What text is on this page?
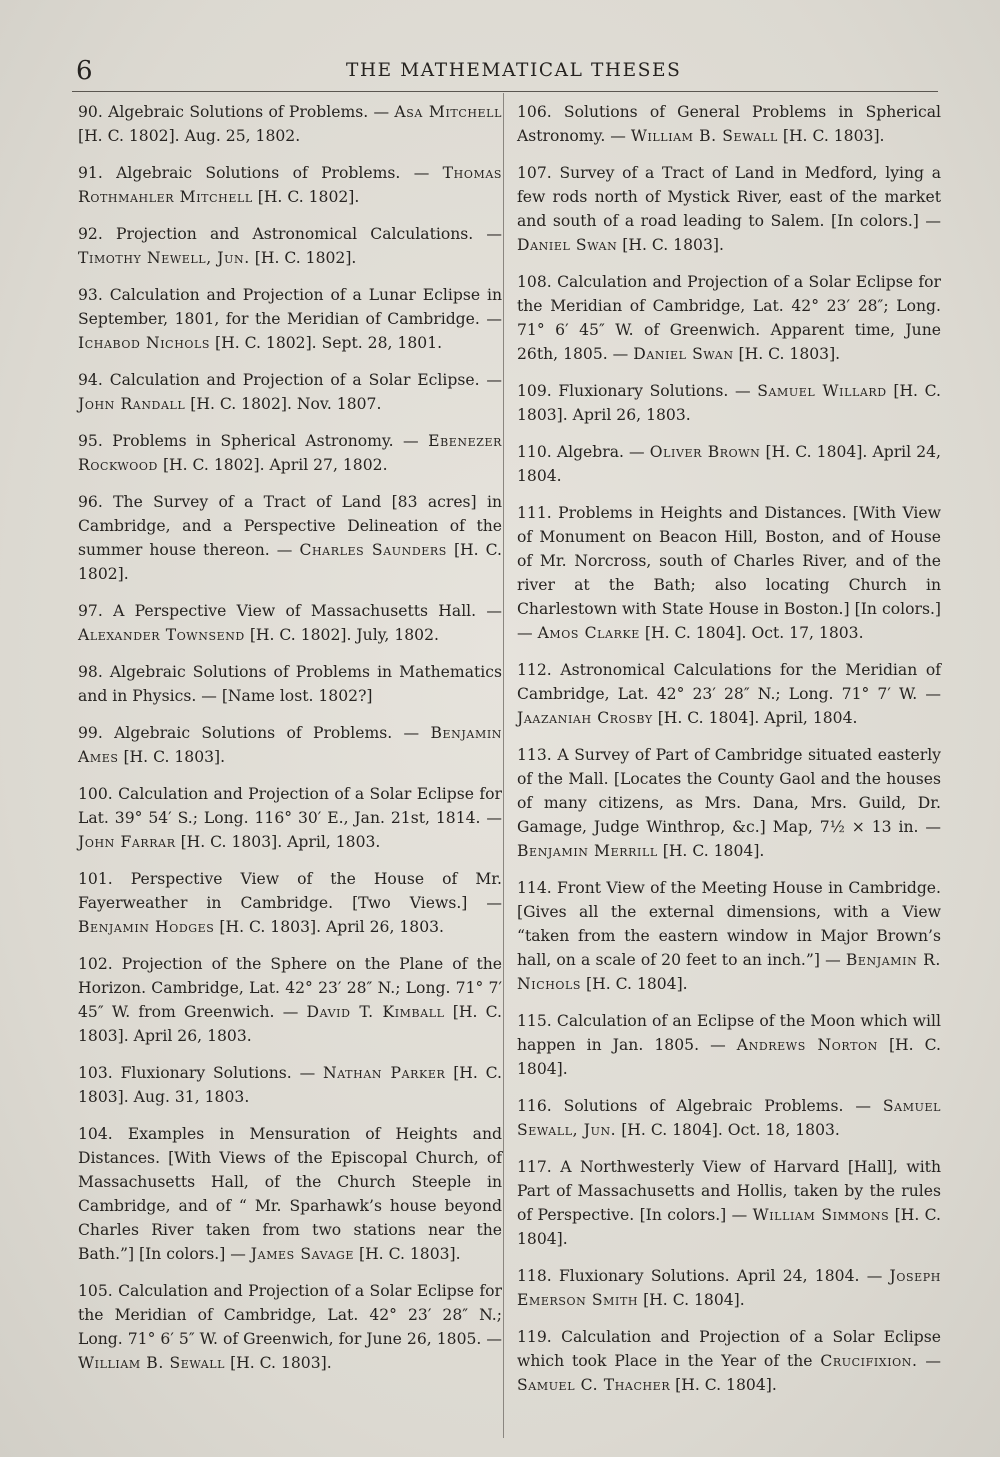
6	THE MATHEMATICAL THESES

90. Algebraic Solutions of Problems. — Asa Mitchell [H. C. 1802]. Aug. 25, 1802.

91. Algebraic Solutions of Problems. — Thomas Rothmahler Mitchell [H. C. 1802].

92. Projection and Astronomical Calculations. — Timothy Newell, Jun. [H. C. 1802].

93. Calculation and Projection of a Lunar Eclipse in September, 1801, for the Meridian of Cambridge. — Ichabod Nichols [H. C. 1802]. Sept. 28, 1801.

94. Calculation and Projection of a Solar Eclipse. — John Randall [H. C. 1802]. Nov. 1807.

95. Problems in Spherical Astronomy. — Ebenezer Rockwood [H. C. 1802]. April 27, 1802.

96. The Survey of a Tract of Land [83 acres] in Cambridge, and a Perspective Delineation of the summer house thereon. — Charles Saunders [H. C. 1802].

97. A Perspective View of Massachusetts Hall. — Alexander Townsend [H. C. 1802]. July, 1802.

98. Algebraic Solutions of Problems in Mathematics and in Physics. — [Name lost. 1802?]

99. Algebraic Solutions of Problems. — Benjamin Ames [H. C. 1803].

100. Calculation and Projection of a Solar Eclipse for Lat. 39° 54′ S.; Long. 116° 30′ E., Jan. 21st, 1814. — John Farrar [H. C. 1803]. April, 1803.

101. Perspective View of the House of Mr. Fayerweather in Cambridge. [Two Views.] — Benjamin Hodges [H. C. 1803]. April 26, 1803.

102. Projection of the Sphere on the Plane of the Horizon. Cambridge, Lat. 42° 23′ 28″ N.; Long. 71° 7′ 45″ W. from Greenwich. — David T. Kimball [H. C. 1803]. April 26, 1803.

103. Fluxionary Solutions. — Nathan Parker [H. C. 1803]. Aug. 31, 1803.

104. Examples in Mensuration of Heights and Distances. [With Views of the Episcopal Church, of Massachusetts Hall, of the Church Steeple in Cambridge, and of “ Mr. Sparhawk’s house beyond Charles River taken from two stations near the Bath.”] [In colors.] — James Savage [H. C. 1803].

105. Calculation and Projection of a Solar Eclipse for the Meridian of Cambridge, Lat. 42° 23′ 28″ N.; Long. 71° 6′ 5″ W. of Greenwich, for June 26, 1805. — William B. Sewall [H. C. 1803].

106. Solutions of General Problems in Spherical Astronomy. — William B. Sewall [H. C. 1803].

107. Survey of a Tract of Land in Medford, lying a few rods north of Mystick River, east of the market and south of a road leading to Salem. [In colors.] — Daniel Swan [H. C. 1803].

108. Calculation and Projection of a Solar Eclipse for the Meridian of Cambridge, Lat. 42° 23′ 28″; Long. 71° 6′ 45″ W. of Greenwich. Apparent time, June 26th, 1805. — Daniel Swan [H. C. 1803].

109. Fluxionary Solutions. — Samuel Willard [H. C. 1803]. April 26, 1803.

110. Algebra. — Oliver Brown [H. C. 1804]. April 24, 1804.

111. Problems in Heights and Distances. [With View of Monument on Beacon Hill, Boston, and of House of Mr. Norcross, south of Charles River, and of the river at the Bath; also locating Church in Charlestown with State House in Boston.] [In colors.] — Amos Clarke [H. C. 1804]. Oct. 17, 1803.

112. Astronomical Calculations for the Meridian of Cambridge, Lat. 42° 23′ 28″ N.; Long. 71° 7′ W. — Jaazaniah Crosby [H. C. 1804]. April, 1804.

113. A Survey of Part of Cambridge situated easterly of the Mall. [Locates the County Gaol and the houses of many citizens, as Mrs. Dana, Mrs. Guild, Dr. Gamage, Judge Winthrop, &c.] Map, 7½ × 13 in. — Benjamin Merrill [H. C. 1804].

114. Front View of the Meeting House in Cambridge. [Gives all the external dimensions, with a View “taken from the eastern window in Major Brown’s hall, on a scale of 20 feet to an inch.”] — Benjamin R. Nichols [H. C. 1804].

115. Calculation of an Eclipse of the Moon which will happen in Jan. 1805. — Andrews Norton [H. C. 1804].

116. Solutions of Algebraic Problems. — Samuel Sewall, Jun. [H. C. 1804]. Oct. 18, 1803.

117. A Northwesterly View of Harvard [Hall], with Part of Massachusetts and Hollis, taken by the rules of Perspective. [In colors.] — William Simmons [H. C. 1804].

118. Fluxionary Solutions. April 24, 1804. — Joseph Emerson Smith [H. C. 1804].

119. Calculation and Projection of a Solar Eclipse which took Place in the Year of the Crucifixion. — Samuel C. Thacher [H. C. 1804].
